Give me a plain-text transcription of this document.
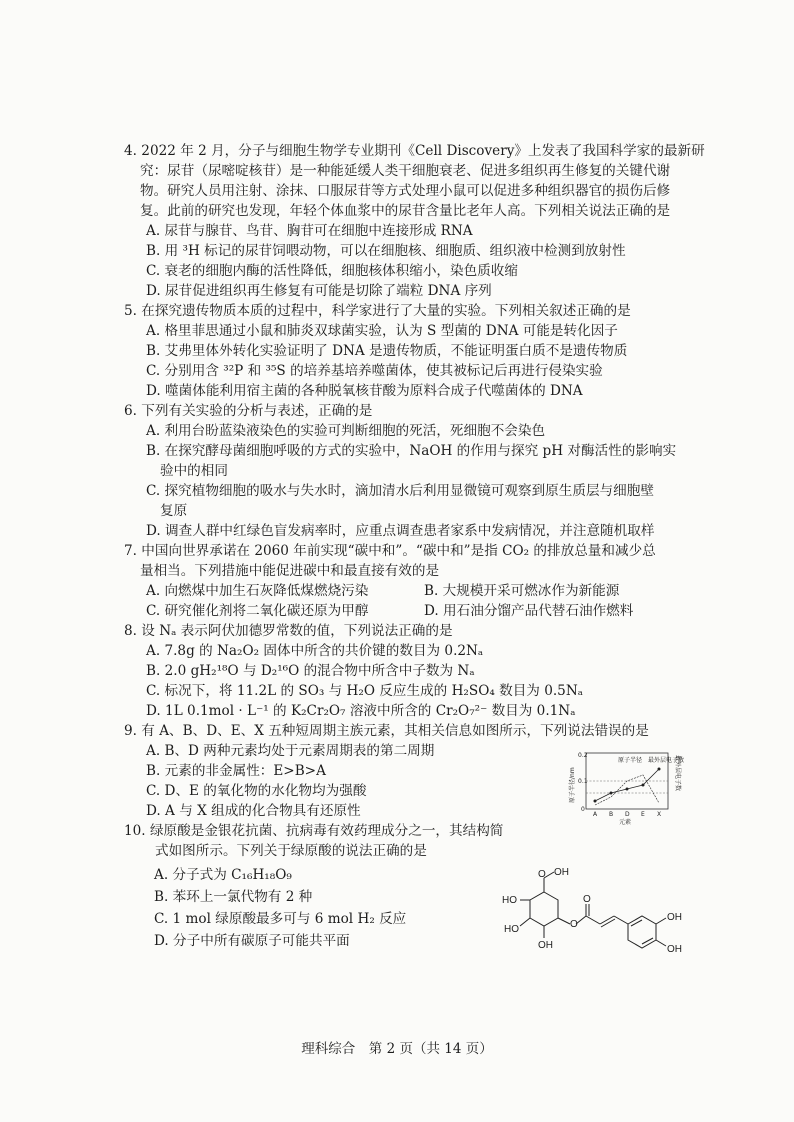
4. 2022 年 2 月，分子与细胞生物学专业期刊《Cell Discovery》上发表了我国科学家的最新研
究：尿苷（尿嘧啶核苷）是一种能延缓人类干细胞衰老、促进多组织再生修复的关键代谢
物。研究人员用注射、涂抹、口服尿苷等方式处理小鼠可以促进多种组织器官的损伤后修
复。此前的研究也发现，年轻个体血浆中的尿苷含量比老年人高。下列相关说法正确的是
A. 尿苷与腺苷、鸟苷、胸苷可在细胞中连接形成 RNA
B. 用 ³H 标记的尿苷饲喂动物，可以在细胞核、细胞质、组织液中检测到放射性
C. 衰老的细胞内酶的活性降低，细胞核体积缩小，染色质收缩
D. 尿苷促进组织再生修复有可能是切除了端粒 DNA 序列
5. 在探究遗传物质本质的过程中，科学家进行了大量的实验。下列相关叙述正确的是
A. 格里菲思通过小鼠和肺炎双球菌实验，认为 S 型菌的 DNA 可能是转化因子
B. 艾弗里体外转化实验证明了 DNA 是遗传物质，不能证明蛋白质不是遗传物质
C. 分别用含 ³²P 和 ³⁵S 的培养基培养噬菌体，使其被标记后再进行侵染实验
D. 噬菌体能利用宿主菌的各种脱氧核苷酸为原料合成子代噬菌体的 DNA
6. 下列有关实验的分析与表述，正确的是
A. 利用台盼蓝染液染色的实验可判断细胞的死活，死细胞不会染色
B. 在探究酵母菌细胞呼吸的方式的实验中，NaOH 的作用与探究 pH 对酶活性的影响实
验中的相同
C. 探究植物细胞的吸水与失水时，滴加清水后利用显微镜可观察到原生质层与细胞壁
复原
D. 调查人群中红绿色盲发病率时，应重点调查患者家系中发病情况，并注意随机取样
7. 中国向世界承诺在 2060 年前实现“碳中和”。“碳中和”是指 CO₂ 的排放总量和减少总
量相当。下列措施中能促进碳中和最直接有效的是
A. 向燃煤中加生石灰降低煤燃烧污染	B. 大规模开采可燃冰作为新能源
C. 研究催化剂将二氧化碳还原为甲醇	D. 用石油分馏产品代替石油作燃料
8. 设 Nₐ 表示阿伏加德罗常数的值，下列说法正确的是
A. 7.8g 的 Na₂O₂ 固体中所含的共价键的数目为 0.2Nₐ
B. 2.0 gH₂¹⁸O 与 D₂¹⁶O 的混合物中所含中子数为 Nₐ
C. 标况下，将 11.2L 的 SO₃ 与 H₂O 反应生成的 H₂SO₄ 数目为 0.5Nₐ
D. 1L 0.1mol · L⁻¹ 的 K₂Cr₂O₇ 溶液中所含的 Cr₂O₇²⁻ 数目为 0.1Nₐ
9. 有 A、B、D、E、X 五种短周期主族元素，其相关信息如图所示，下列说法错误的是
A. B、D 两种元素均处于元素周期表的第二周期
B. 元素的非金属性：E>B>A
C. D、E 的氧化物的水化物均为强酸
D. A 与 X 组成的化合物具有还原性
0.2
0.1
0
原子半径/nm	最外层电子数
A B D E X
元素
原子半径 最外层电子数
10. 绿原酸是金银花抗菌、抗病毒有效药理成分之一，其结构简
式如图所示。下列关于绿原酸的说法正确的是
A. 分子式为 C₁₆H₁₈O₉
B. 苯环上一氯代物有 2 种
C. 1 mol 绿原酸最多可与 6 mol H₂ 反应
D. 分子中所有碳原子可能共平面
OH
O
HO
HO
OH
O
OH
OH
O
理科综合　第 2 页（共 14 页）
